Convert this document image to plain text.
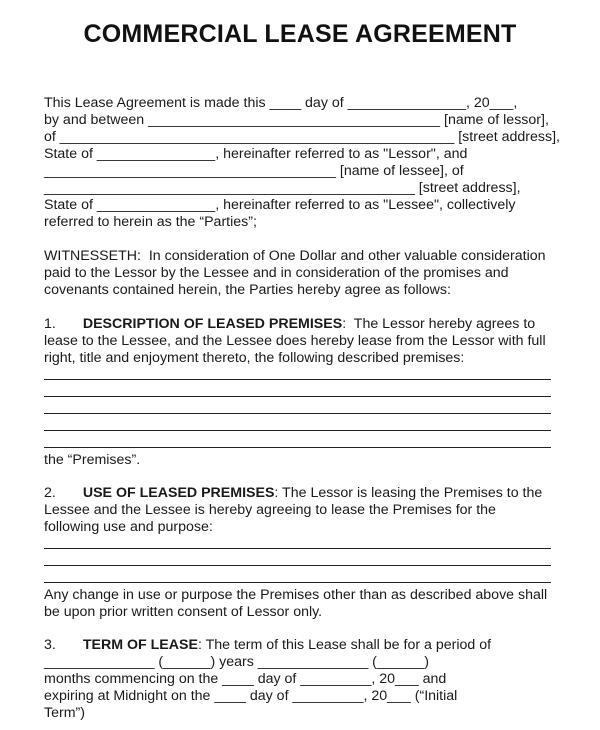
COMMERCIAL LEASE AGREEMENT
This Lease Agreement is made this ____ day of _______________, 20___,
by and between _____________________________________ [name of lessor],
of __________________________________________________ [street address],
State of _______________, hereinafter referred to as "Lessor", and
_____________________________________ [name of lessee], of
_______________________________________________ [street address],
State of _______________, hereinafter referred to as "Lessee", collectively
referred to herein as the “Parties”;
WITNESSETH:  In consideration of One Dollar and other valuable consideration
paid to the Lessor by the Lessee and in consideration of the promises and
covenants contained herein, the Parties hereby agree as follows:
1. DESCRIPTION OF LEASED PREMISES:  The Lessor hereby agrees to
lease to the Lessee, and the Lessee does hereby lease from the Lessor with full
right, title and enjoyment thereto, the following described premises:
the “Premises”.
2. USE OF LEASED PREMISES: The Lessor is leasing the Premises to the
Lessee and the Lessee is hereby agreeing to lease the Premises for the
following use and purpose:
Any change in use or purpose the Premises other than as described above shall
be upon prior written consent of Lessor only.
3. TERM OF LEASE: The term of this Lease shall be for a period of
______________ (______) years ______________ (______)
months commencing on the ____ day of _________, 20___ and
expiring at Midnight on the ____ day of _________, 20___ (“Initial
Term”)
